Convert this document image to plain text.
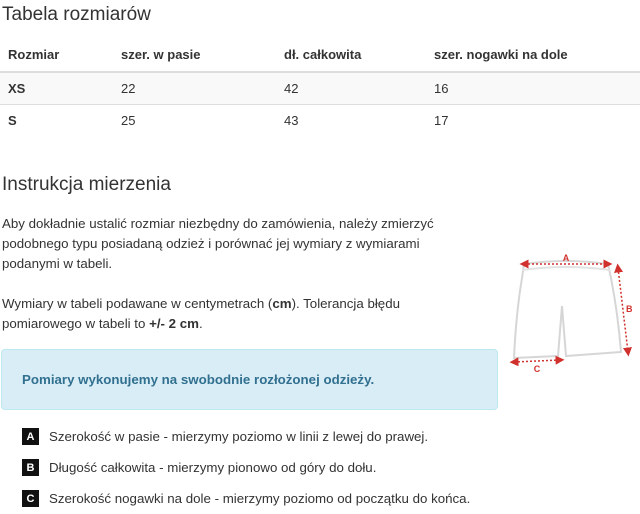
Tabela rozmiarów
Rozmiar	szer. w pasie	dł. całkowita	szer. nogawki na dole
XS	22	42	16
S	25	43	17
Instrukcja mierzenia

Aby dokładnie ustalić rozmiar niezbędny do zamówienia, należy zmierzyć podobnego typu posiadaną odzież i porównać jej wymiary z wymiarami podanymi w tabeli.

Wymiary w tabeli podawane w centymetrach (cm). Tolerancja błędu pomiarowego w tabeli to +/- 2 cm.

Pomiary wykonujemy na swobodnie rozłożonej odzieży.
A	Szerokość w pasie - mierzymy poziomo w linii z lewej do prawej.
B	Długość całkowita - mierzymy pionowo od góry do dołu.
C	Szerokość nogawki na dole - mierzymy poziomo od początku do końca.
A
B
C
